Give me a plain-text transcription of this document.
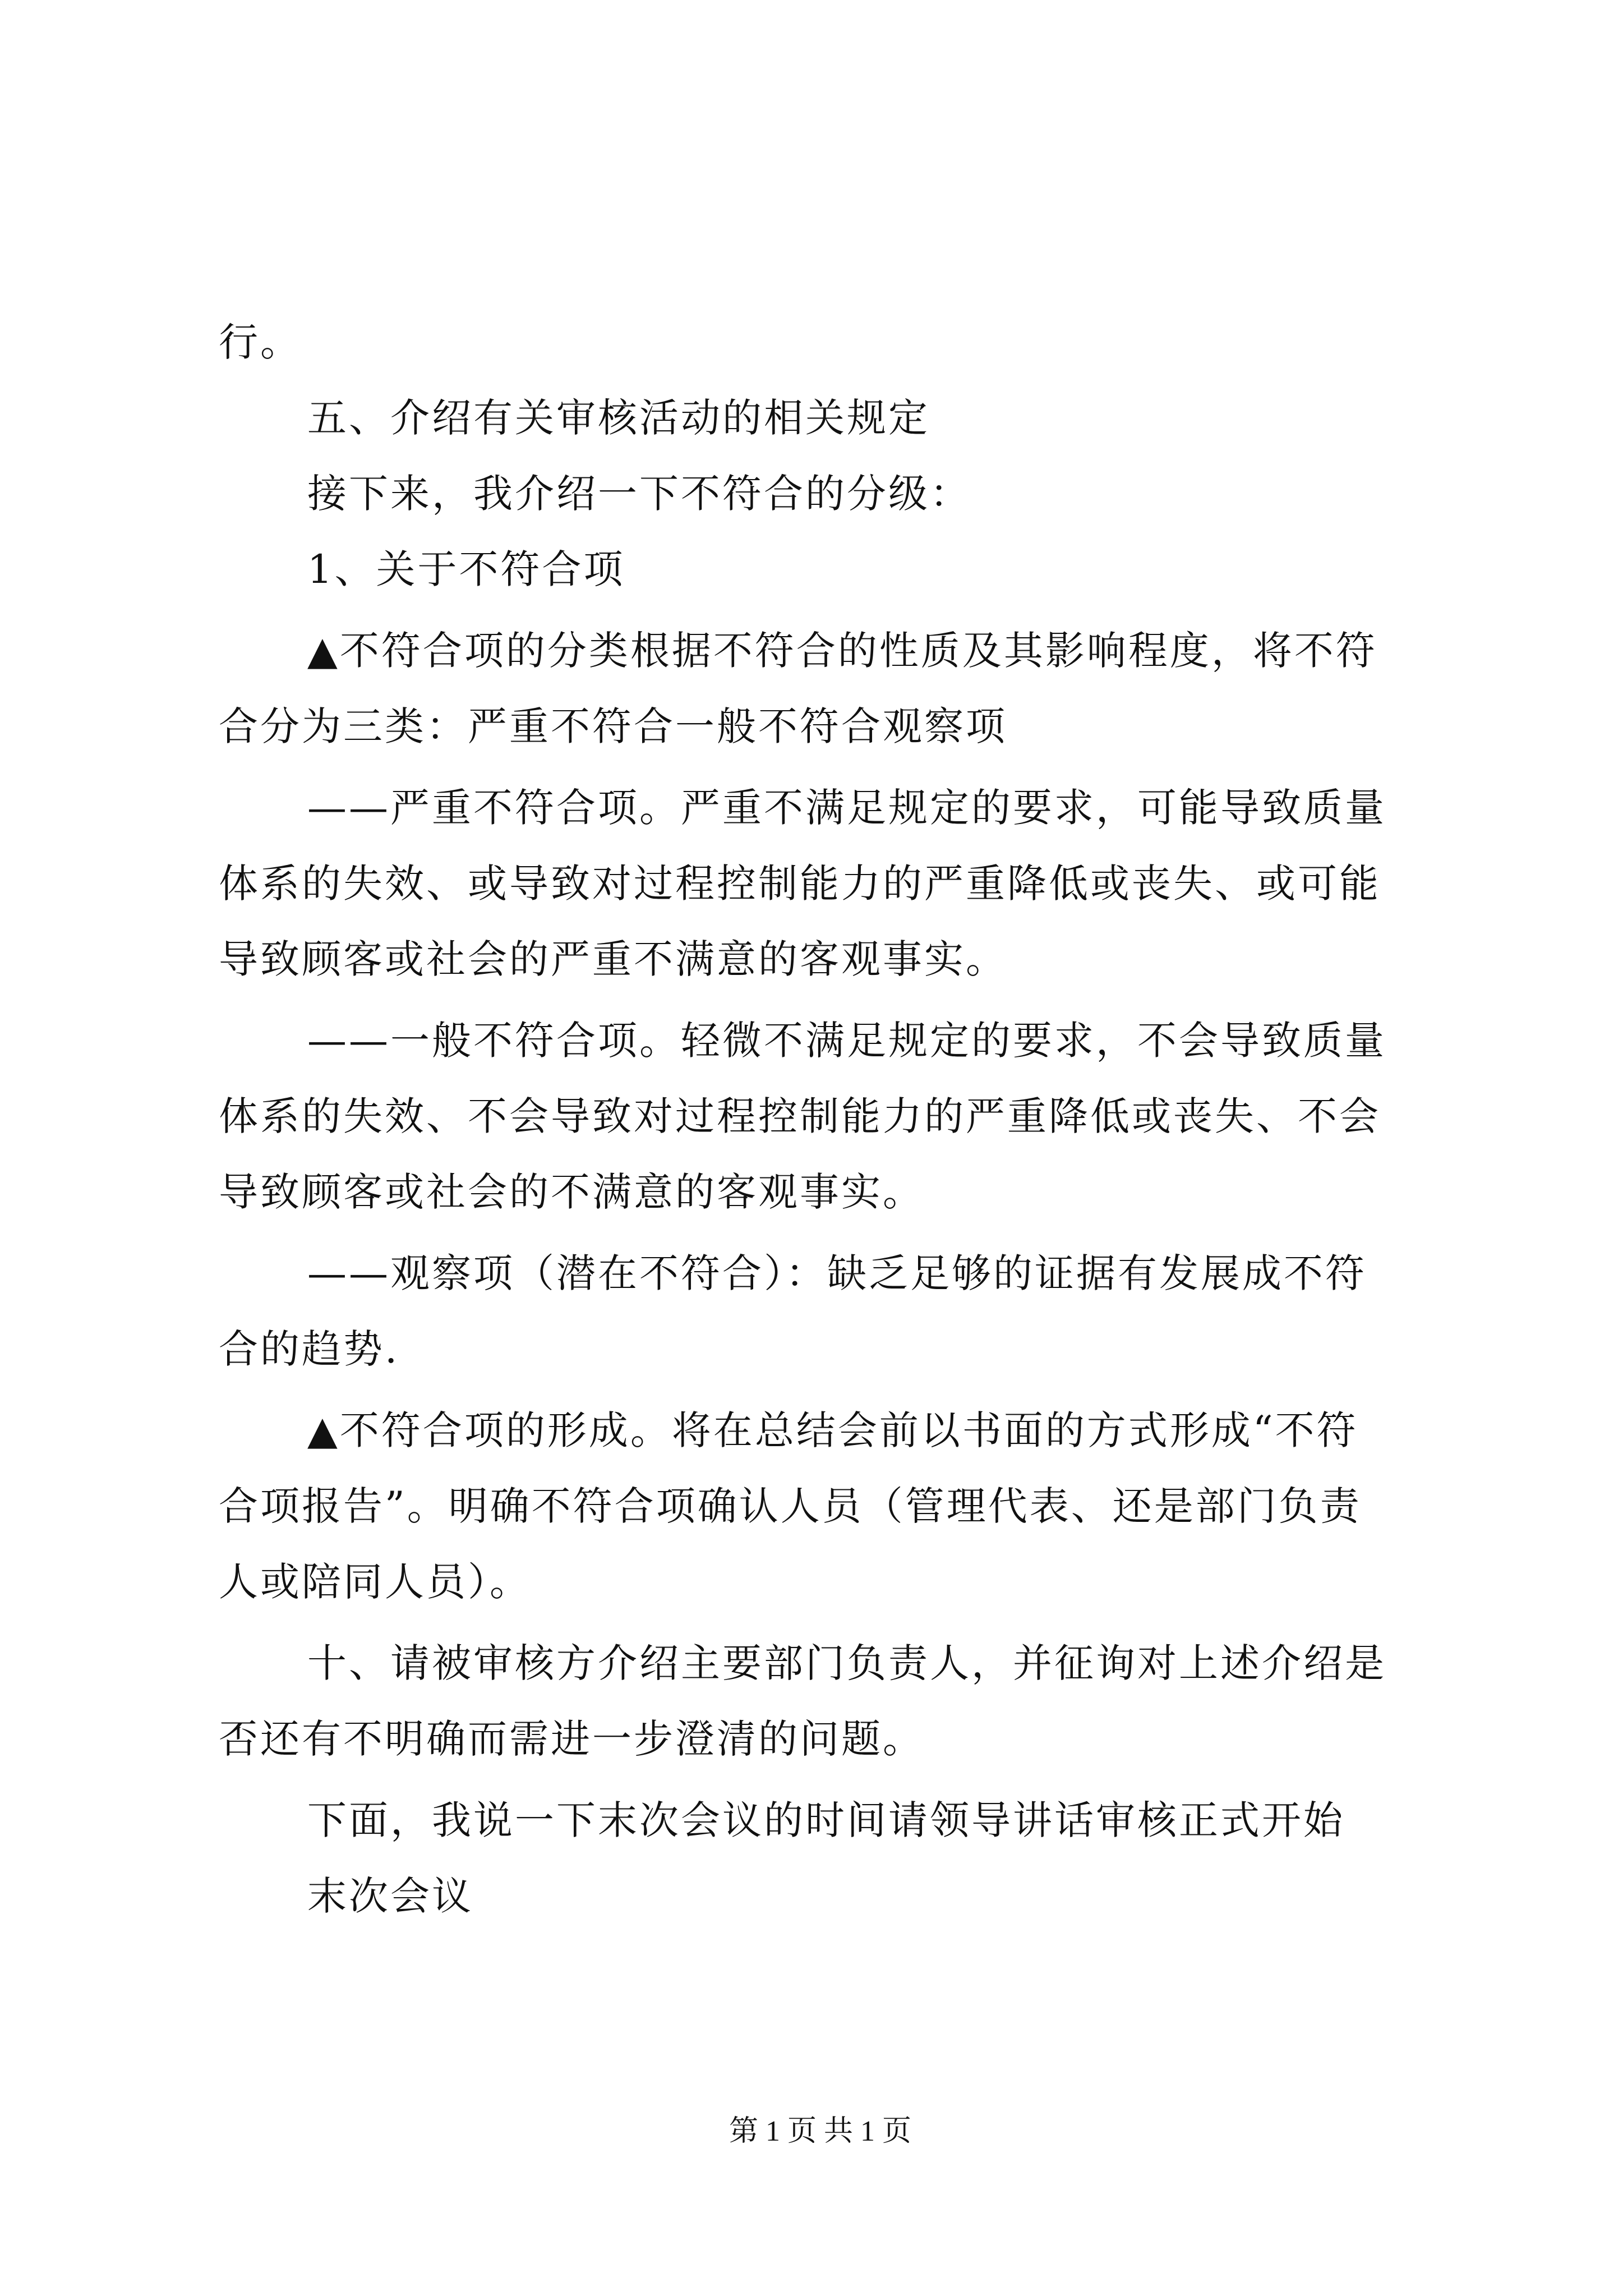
行。
五、介绍有关审核活动的相关规定
接下来，我介绍一下不符合的分级：
1、关于不符合项
▲不符合项的分类根据不符合的性质及其影响程度，将不符
合分为三类：严重不符合一般不符合观察项
——严重不符合项。严重不满足规定的要求，可能导致质量
体系的失效、或导致对过程控制能力的严重降低或丧失、或可能
导致顾客或社会的严重不满意的客观事实。
——一般不符合项。轻微不满足规定的要求，不会导致质量
体系的失效、不会导致对过程控制能力的严重降低或丧失、不会
导致顾客或社会的不满意的客观事实。
——观察项（潜在不符合）：缺乏足够的证据有发展成不符
合的趋势.
▲不符合项的形成。将在总结会前以书面的方式形成“不符
合项报告”。明确不符合项确认人员（管理代表、还是部门负责
人或陪同人员）。
十、请被审核方介绍主要部门负责人，并征询对上述介绍是
否还有不明确而需进一步澄清的问题。
下面，我说一下末次会议的时间请领导讲话审核正式开始
末次会议
第 1 页 共 1 页
